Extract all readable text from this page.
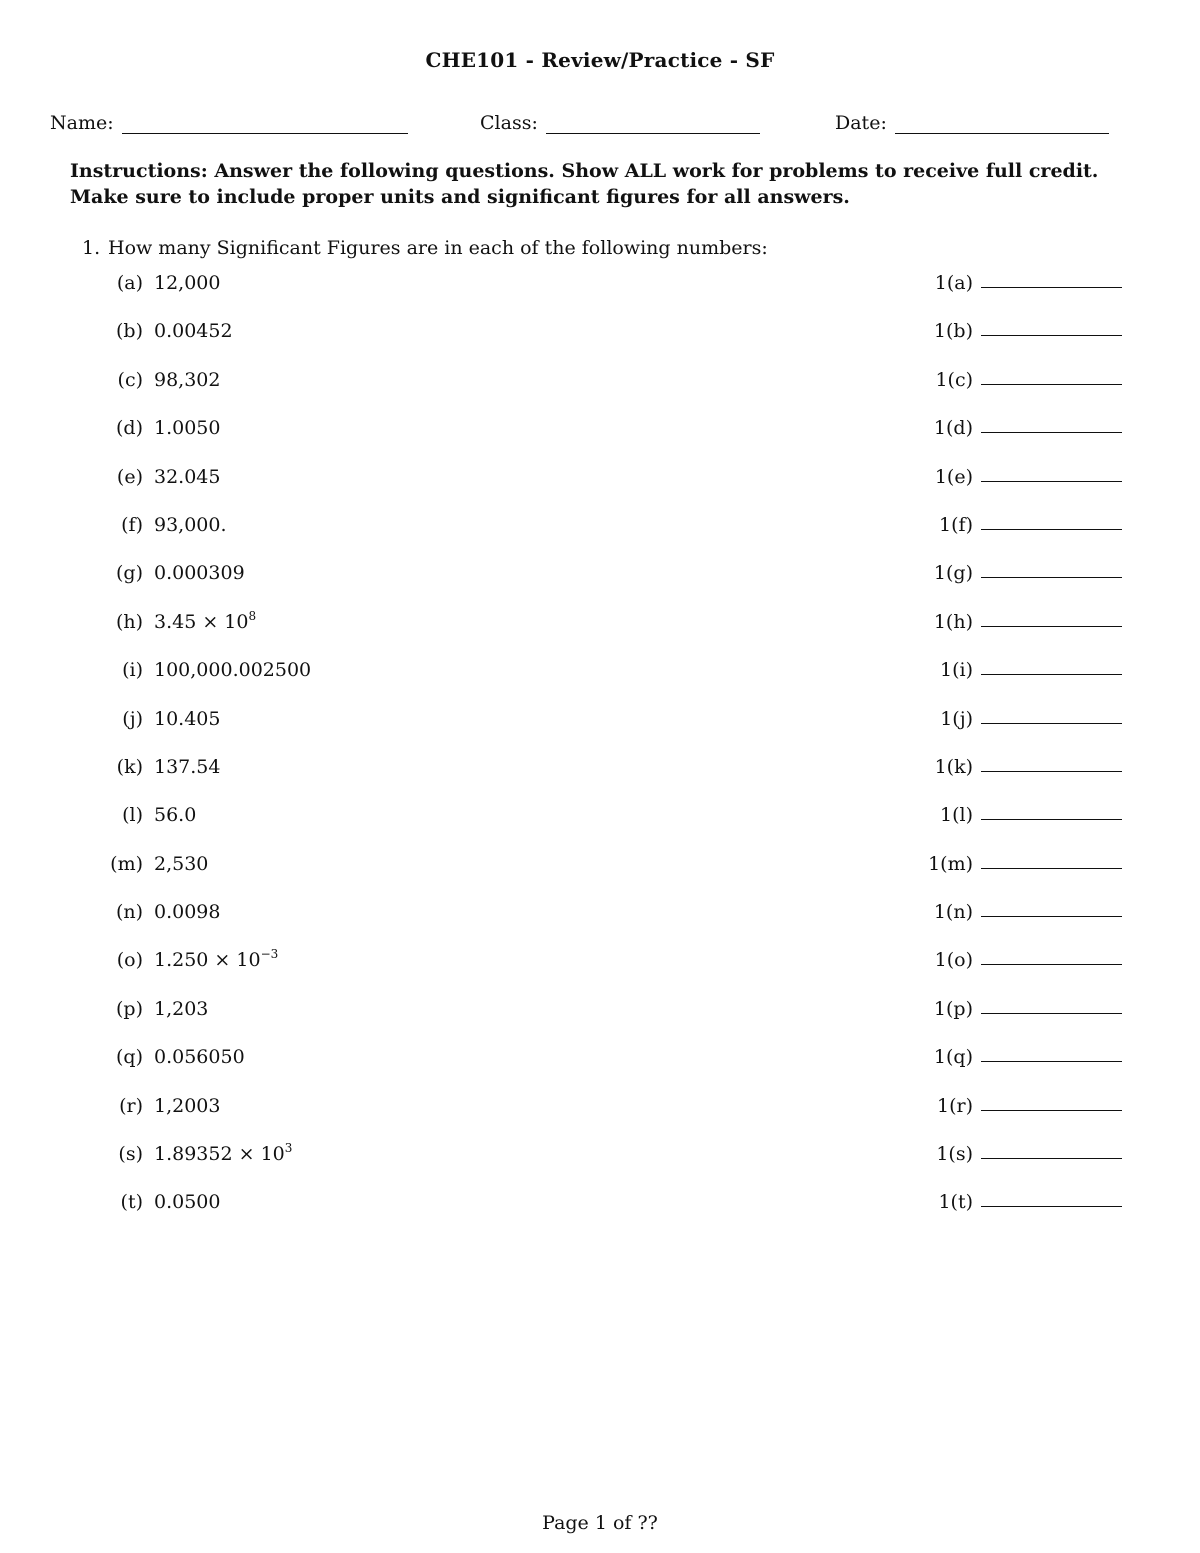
CHE101 - Review/Practice - SF
Name:	Class:	Date:
Instructions: Answer the following questions. Show ALL work for problems to receive full credit. Make sure to include proper units and significant figures for all answers.
1. How many Significant Figures are in each of the following numbers:
(a) 12,000	1(a)
(b) 0.00452	1(b)
(c) 98,302	1(c)
(d) 1.0050	1(d)
(e) 32.045	1(e)
(f) 93,000.	1(f)
(g) 0.000309	1(g)
(h) $3.45 \times 10^8$	1(h)
(i) 100,000.002500	1(i)
(j) 10.405	1(j)
(k) 137.54	1(k)
(l) 56.0	1(l)
(m) 2,530	1(m)
(n) 0.0098	1(n)
(o) $1.250 \times 10^{-3}$	1(o)
(p) 1,203	1(p)
(q) 0.056050	1(q)
(r) 1,2003	1(r)
(s) $1.89352 \times 10^3$	1(s)
(t) 0.0500	1(t)
Page 1 of ??
